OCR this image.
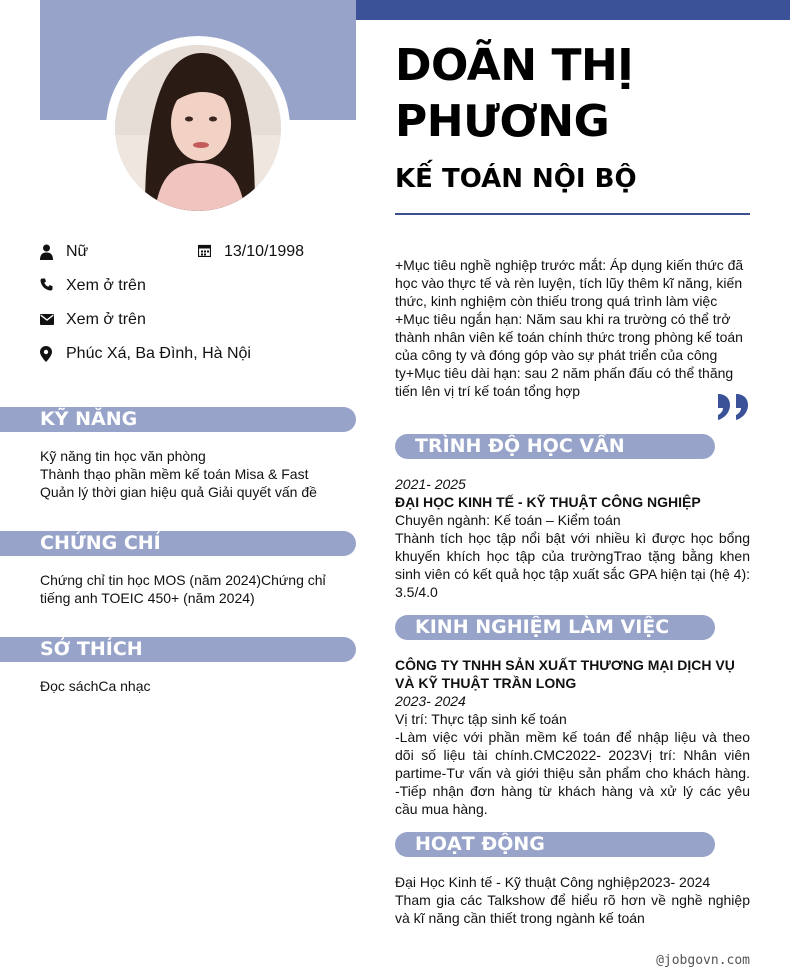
DOÃN THỊ PHƯƠNG
KẾ TOÁN NỘI BỘ
Nữ	13/10/1998
Xem ở trên
Xem ở trên
Phúc Xá, Ba Đình, Hà Nội
KỸ NĂNG
Kỹ năng tin học văn phòng
Thành thạo phần mềm kế toán Misa & Fast
Quản lý thời gian hiệu quả Giải quyết vấn đề
CHỨNG CHỈ
Chứng chỉ tin học MOS (năm 2024)Chứng chỉ tiếng anh TOEIC 450+ (năm 2024)
SỞ THÍCH
Đọc sáchCa nhạc
+Mục tiêu nghề nghiệp trước mắt: Áp dụng kiến thức đã học vào thực tế và rèn luyện, tích lũy thêm kĩ năng, kiến thức, kinh nghiệm còn thiếu trong quá trình làm việc +Mục tiêu ngắn hạn: Năm sau khi ra trường có thể trở thành nhân viên kế toán chính thức trong phòng kế toán của công ty và đóng góp vào sự phát triển của công ty+Mục tiêu dài hạn: sau 2 năm phấn đấu có thể thăng tiến lên vị trí kế toán tổng hợp
TRÌNH ĐỘ HỌC VẤN
2021- 2025
ĐẠI HỌC KINH TẾ - KỸ THUẬT CÔNG NGHIỆP
Chuyên ngành: Kế toán – Kiểm toán
Thành tích học tập nổi bật với nhiều kì được học bổng khuyến khích học tập của trườngTrao tặng bằng khen sinh viên có kết quả học tập xuất sắc GPA hiện tại (hệ 4): 3.5/4.0
KINH NGHIỆM LÀM VIỆC
CÔNG TY TNHH SẢN XUẤT THƯƠNG MẠI DỊCH VỤ VÀ KỸ THUẬT TRẦN LONG
2023- 2024
Vị trí: Thực tập sinh kế toán
-Làm việc với phần mềm kế toán để nhập liệu và theo dõi số liệu tài chính.CMC2022- 2023Vị trí: Nhân viên partime-Tư vấn và giới thiệu sản phẩm cho khách hàng. -Tiếp nhận đơn hàng từ khách hàng và xử lý các yêu cầu mua hàng.
HOẠT ĐỘNG
Đại Học Kinh tế - Kỹ thuật Công nghiệp2023- 2024
Tham gia các Talkshow để hiểu rõ hơn về nghề nghiệp và kĩ năng cần thiết trong ngành kế toán
@jobgovn.com
